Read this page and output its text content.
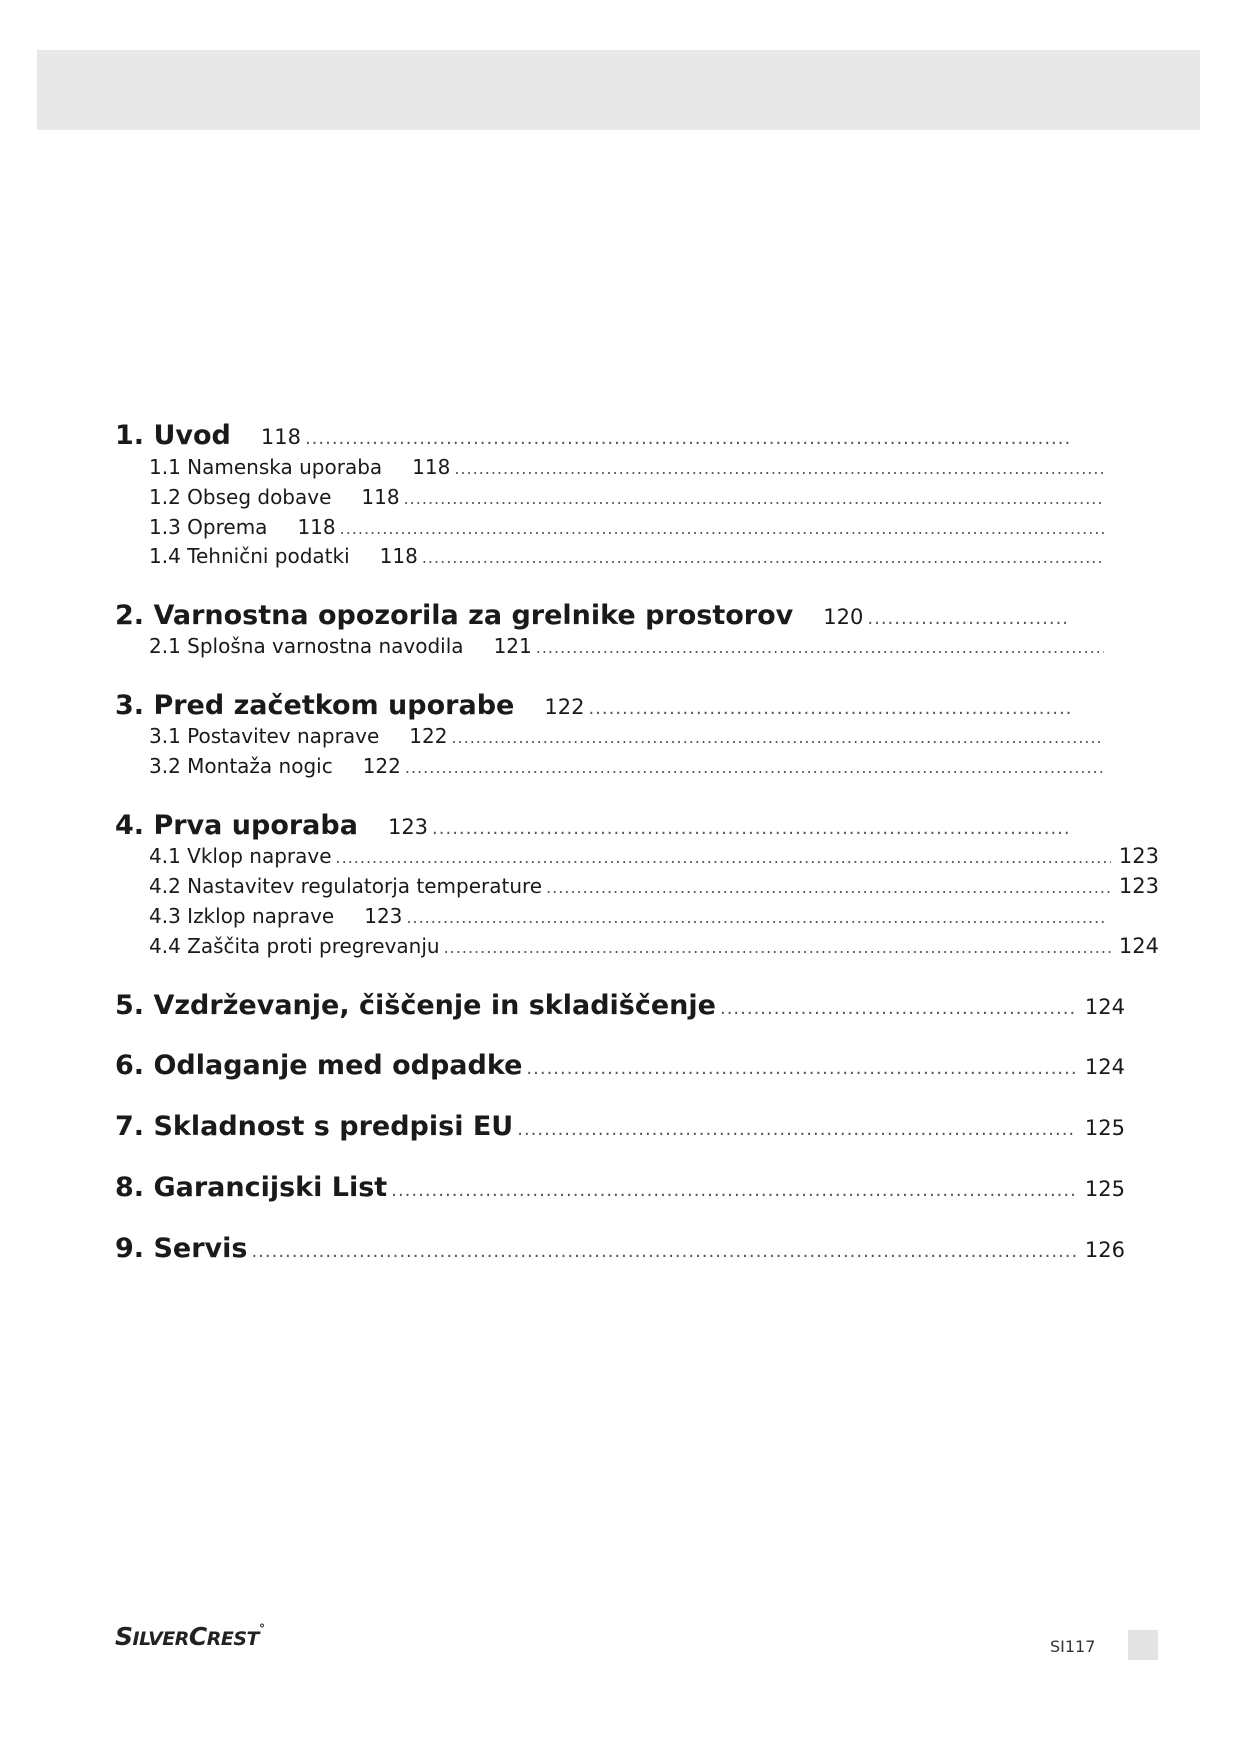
1. Uvod	118
.....
1.1 Namenska uporaba	118
.....
1.2 Obseg dobave	118
.....
1.3 Oprema	118
.....
1.4 Tehnični podatki	118
.....
2. Varnostna opozorila za grelnike prostorov	120
.....
2.1 Splošna varnostna navodila	121
.....
3. Pred začetkom uporabe	122
.....
3.1 Postavitev naprave	122
.....
3.2 Montaža nogic	122
.....
4. Prva uporaba	123
.....
4.1 Vklop naprave .....	123
4.2 Nastavitev regulatorja temperature .....	123
4.3 Izklop naprave	123
.....
4.4 Zaščita proti pregrevanju .....	124
5. Vzdrževanje, čiščenje in skladiščenje .....	124
6. Odlaganje med odpadke .....	124
7. Skladnost s predpisi EU .....	125
8. Garancijski List .....	125
9. Servis .....	126
SILVERCREST°
SI117
